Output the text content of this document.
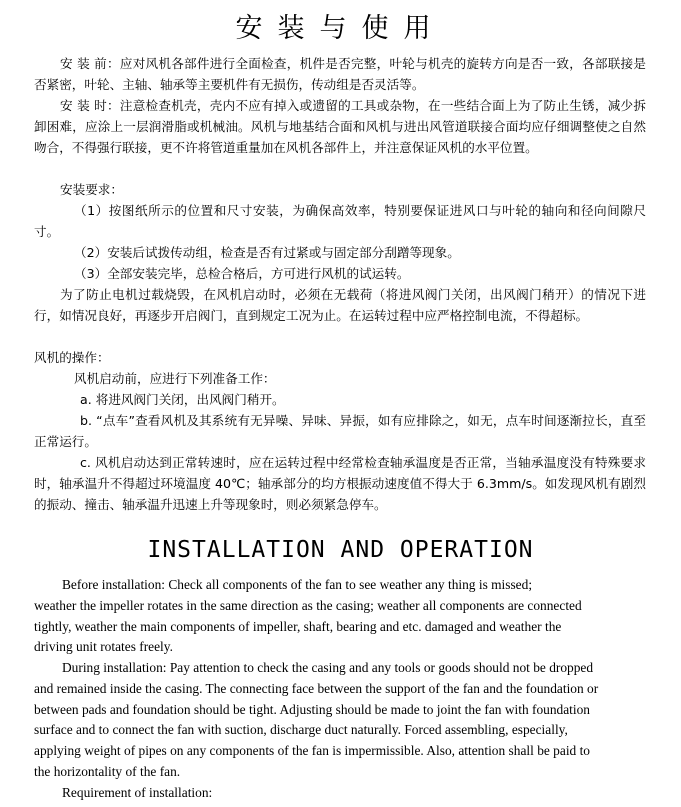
安装与使用

安 装 前：应对风机各部件进行全面检查，机件是否完整，叶轮与机壳的旋转方向是否一致，各部联接是否紧密，叶轮、主轴、轴承等主要机件有无损伤，传动组是否灵活等。

安 装 时：注意检查机壳，壳内不应有掉入或遗留的工具或杂物，在一些结合面上为了防止生锈，减少拆卸困难，应涂上一层润滑脂或机械油。风机与地基结合面和风机与进出风管道联接合面均应仔细调整使之自然吻合，不得强行联接，更不许将管道重量加在风机各部件上，并注意保证风机的水平位置。

安装要求：

（1）按图纸所示的位置和尺寸安装，为确保高效率，特别要保证进风口与叶轮的轴向和径向间隙尺寸。

（2）安装后试拨传动组，检查是否有过紧或与固定部分刮蹭等现象。

（3）全部安装完毕，总检合格后，方可进行风机的试运转。

为了防止电机过载烧毁，在风机启动时，必须在无载荷（将进风阀门关闭，出风阀门稍开）的情况下进行，如情况良好，再逐步开启阀门，直到规定工况为止。在运转过程中应严格控制电流，不得超标。

风机的操作：

风机启动前，应进行下列准备工作：

a. 将进风阀门关闭，出风阀门稍开。

b. “点车”查看风机及其系统有无异噪、异味、异振，如有应排除之，如无，点车时间逐渐拉长，直至正常运行。

c. 风机启动达到正常转速时，应在运转过程中经常检查轴承温度是否正常，当轴承温度没有特殊要求时，轴承温升不得超过环境温度 40℃；轴承部分的均方根振动速度值不得大于 6.3mm/s。如发现风机有剧烈的振动、撞击、轴承温升迅速上升等现象时，则必须紧急停车。

INSTALLATION AND OPERATION
Before installation: Check all components of the fan to see weather any thing is missed;
weather the impeller rotates in the same direction as the casing; weather all components are connected
tightly, weather the main components of impeller, shaft, bearing and etc. damaged and weather the
driving unit rotates freely.
During installation: Pay attention to check the casing and any tools or goods should not be dropped
and remained inside the casing. The connecting face between the support of the fan and the foundation or
between pads and foundation should be tight. Adjusting should be made to joint the fan with foundation
surface and to connect the fan with suction, discharge duct naturally. Forced assembling, especially,
applying weight of pipes on any components of the fan is impermissible. Also, attention shall be paid to
the horizontality of the fan.
Requirement of installation:
